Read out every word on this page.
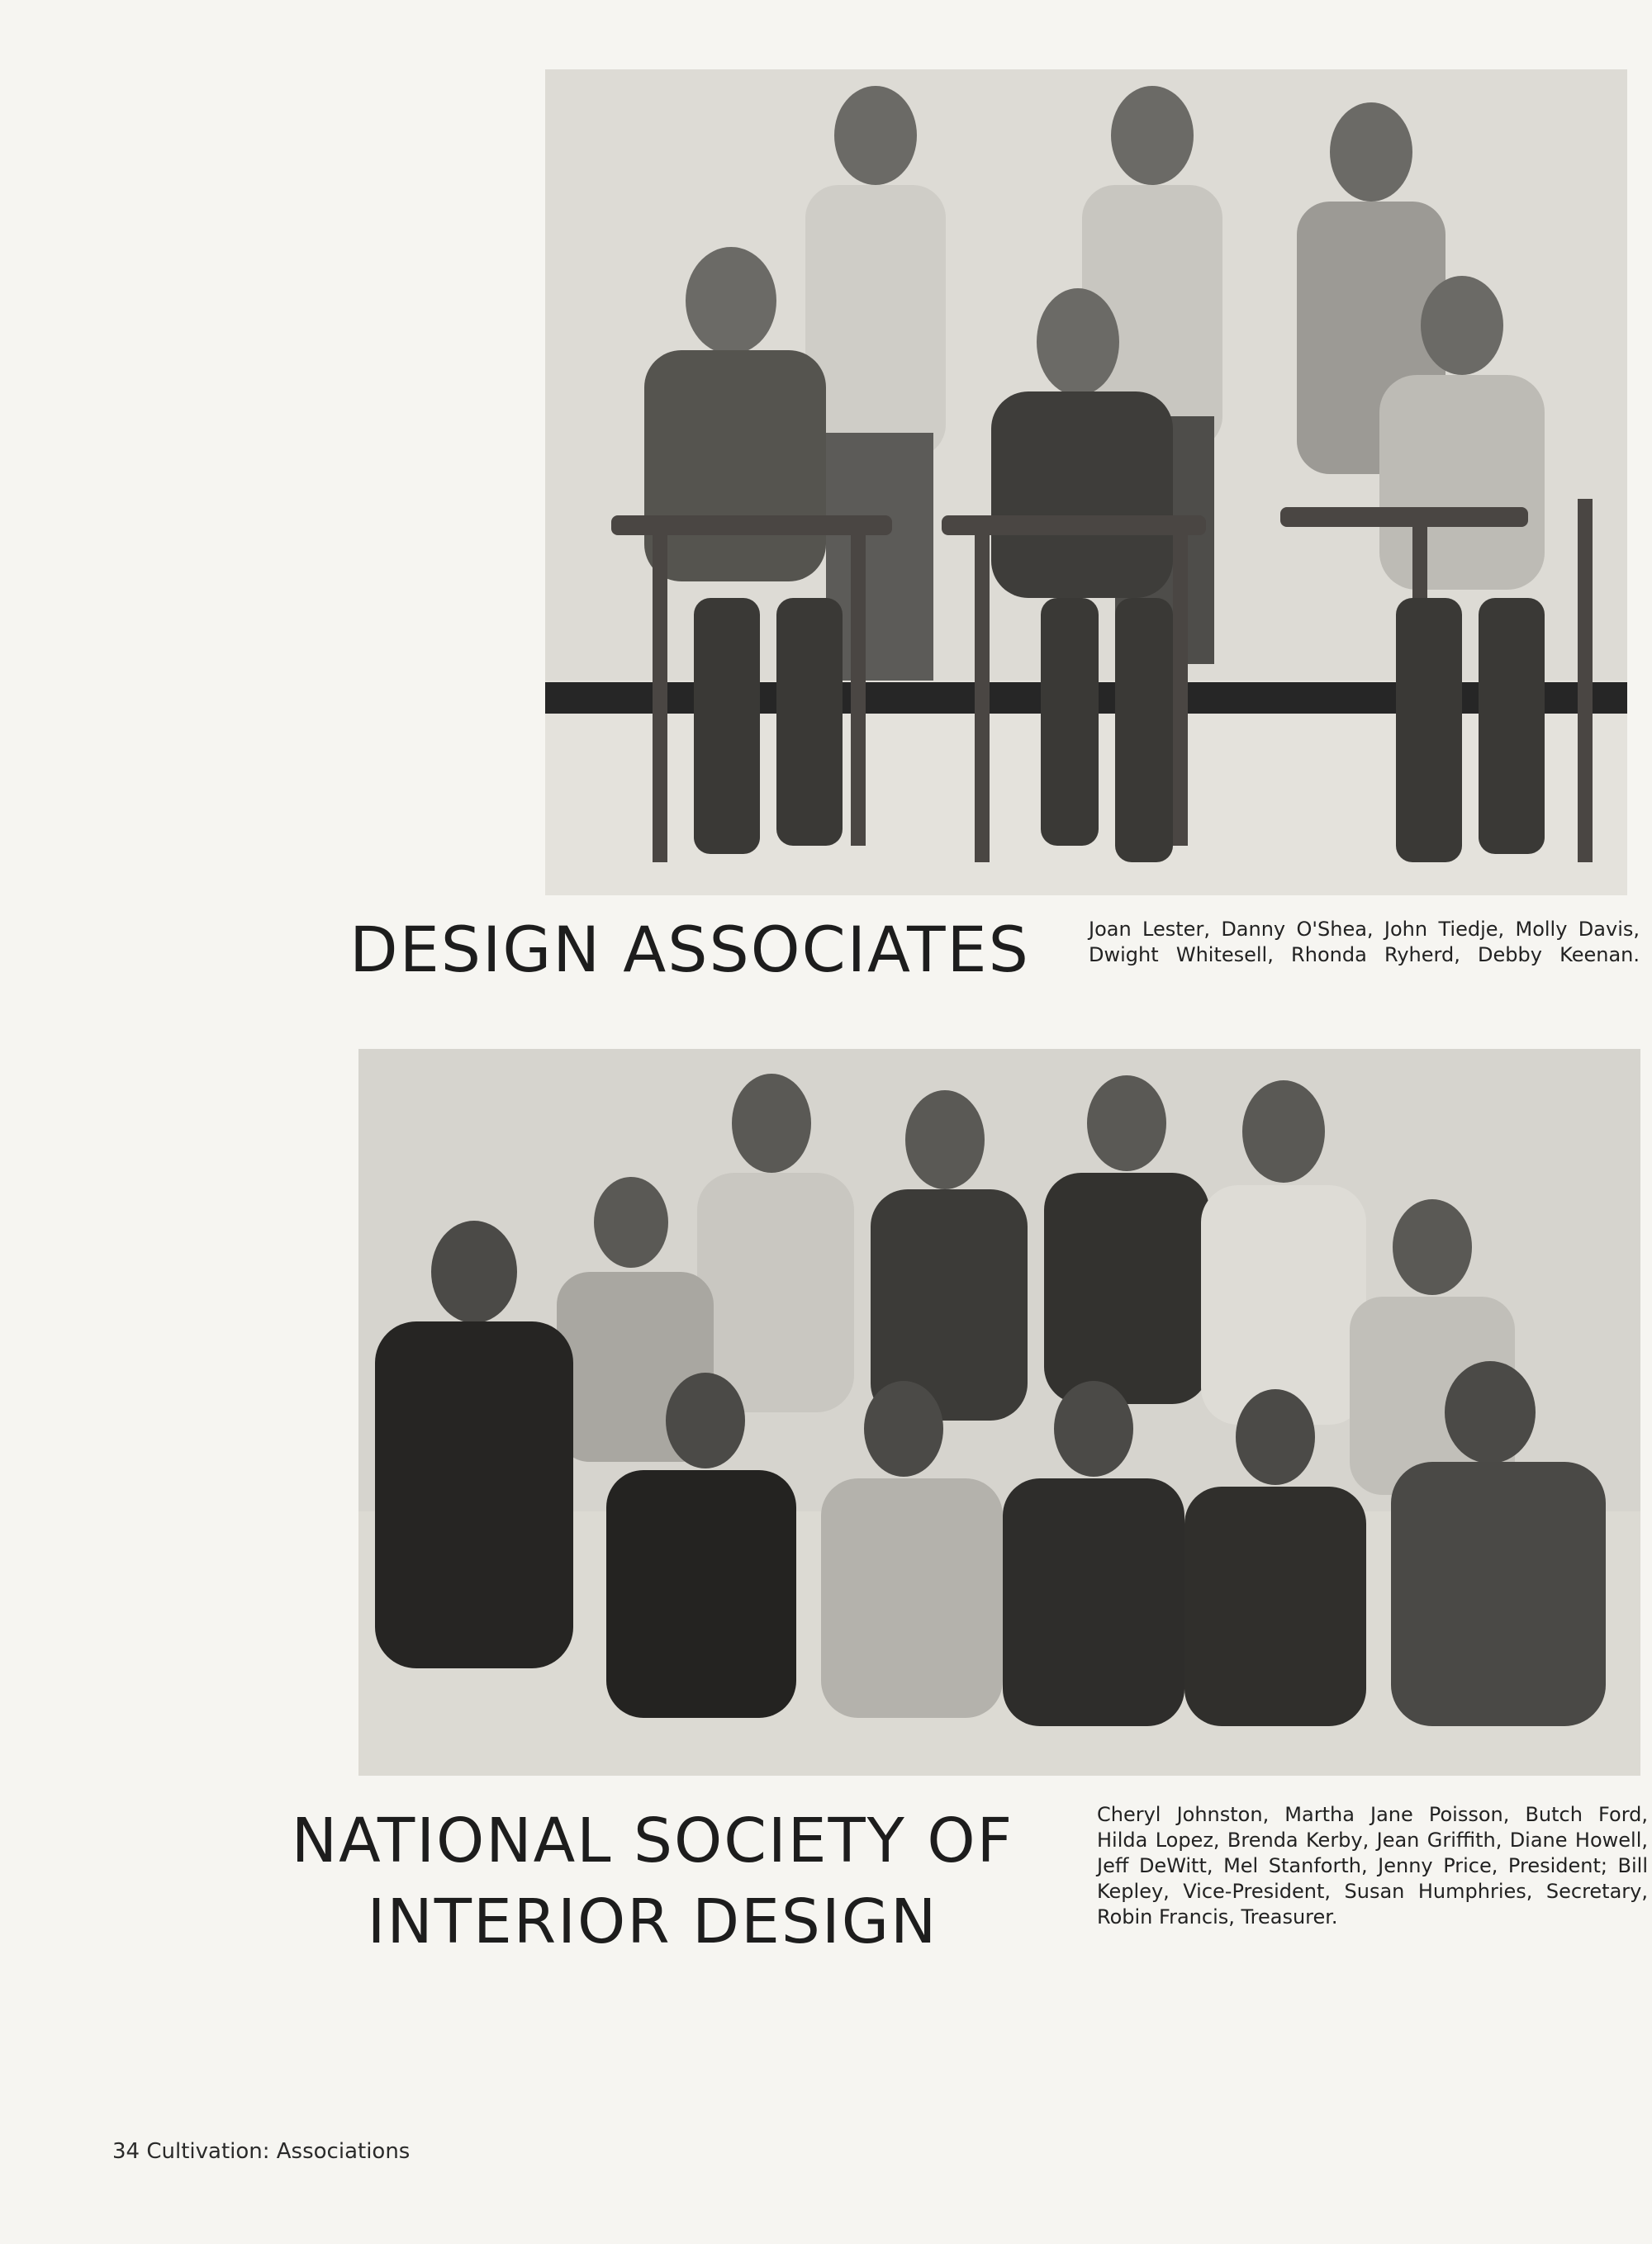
DESIGN ASSOCIATES	Joan Lester, Danny O'Shea, John Tiedje, Molly Davis, Dwight Whitesell, Rhonda Ryherd, Debby Keenan.

NATIONAL SOCIETY OF
INTERIOR DESIGN

Cheryl Johnston, Martha Jane Poisson, Butch Ford, Hilda Lopez, Brenda Kerby, Jean Griffith, Diane Howell, Jeff DeWitt, Mel Stanforth, Jenny Price, President; Bill Kepley, Vice-President, Susan Humphries, Secretary, Robin Francis, Treasurer.

34 Cultivation: Associations
